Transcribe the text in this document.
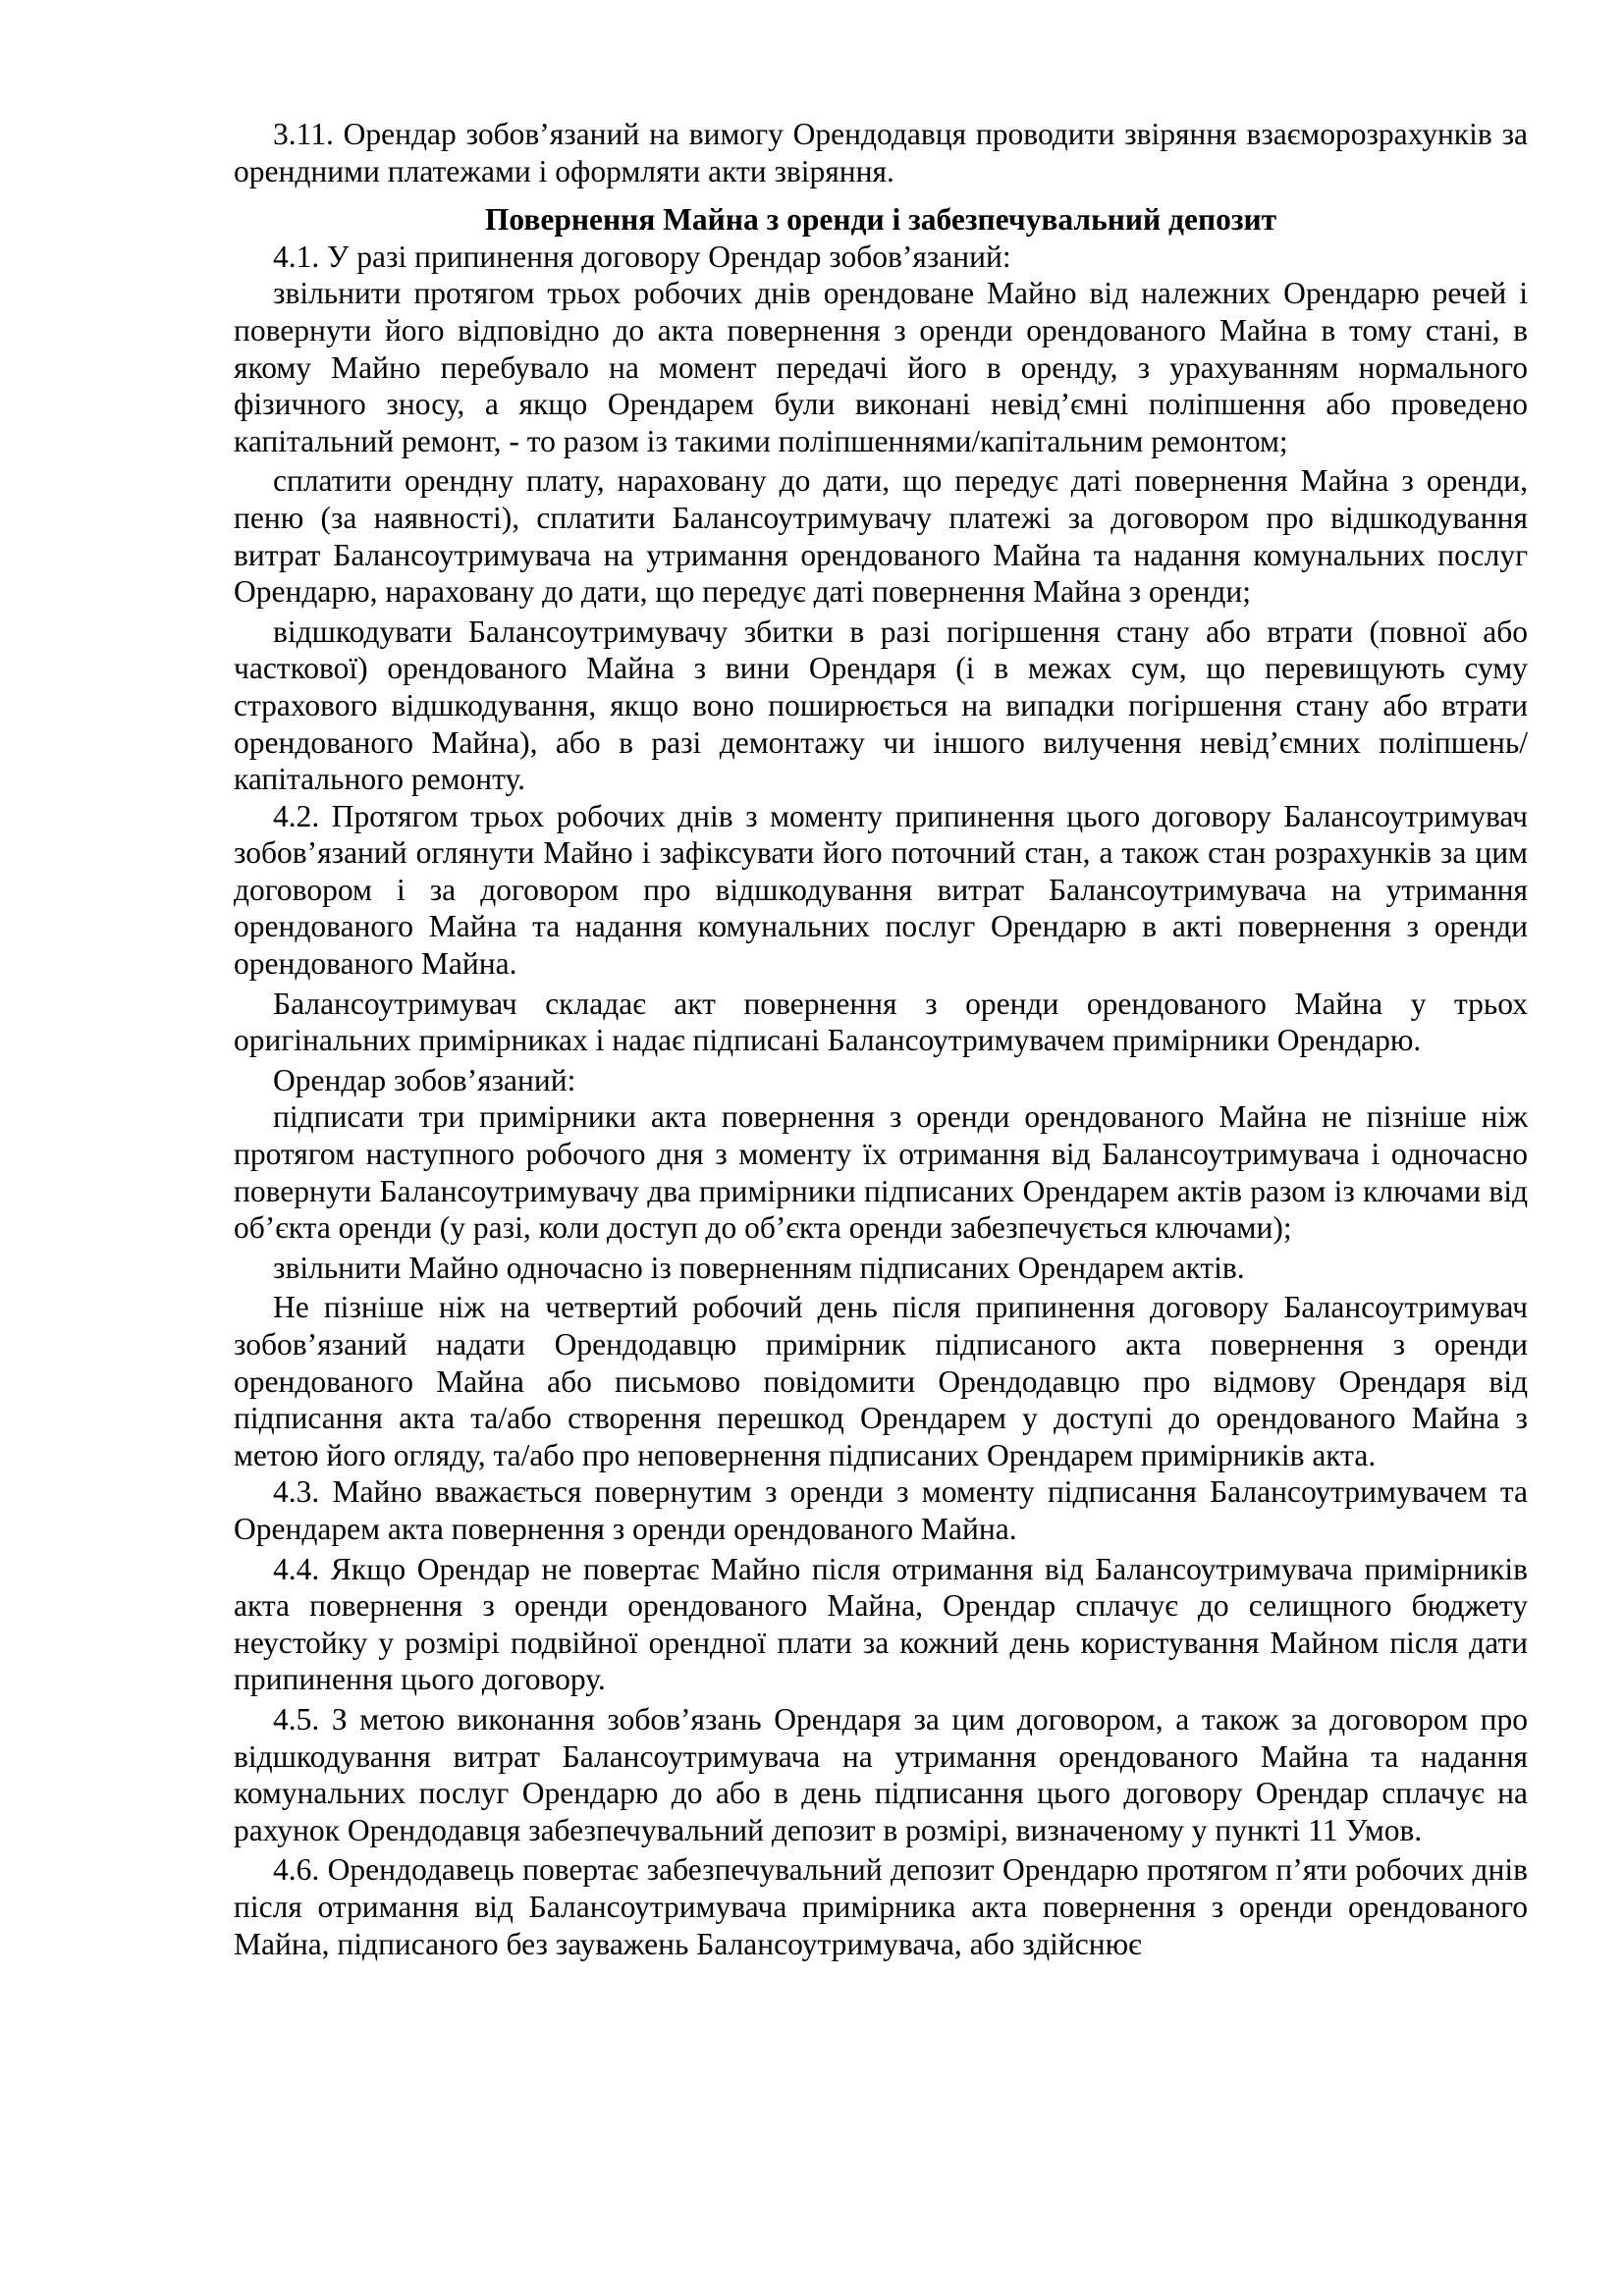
3.11. Орендар зобов’язаний на вимогу Орендодавця проводити звіряння взаєморозрахунків за орендними платежами і оформляти акти звіряння.

Повернення Майна з оренди і забезпечувальний депозит

4.1. У разі припинення договору Орендар зобов’язаний:

звільнити протягом трьох робочих днів орендоване Майно від належних Орендарю речей і повернути його відповідно до акта повернення з оренди орендованого Майна в тому стані, в якому Майно перебувало на момент передачі його в оренду, з урахуванням нормального фізичного зносу, а якщо Орендарем були виконані невід’ємні поліпшення або проведено капітальний ремонт, - то разом із такими поліпшеннями/капітальним ремонтом;

сплатити орендну плату, нараховану до дати, що передує даті повернення Майна з оренди, пеню (за наявності), сплатити Балансоутримувачу платежі за договором про відшкодування витрат Балансоутримувача на утримання орендованого Майна та надання комунальних послуг Орендарю, нараховану до дати, що передує даті повернення Майна з оренди;

відшкодувати Балансоутримувачу збитки в разі погіршення стану або втрати (повної або часткової) орендованого Майна з вини Орендаря (і в межах сум, що перевищують суму страхового відшкодування, якщо воно поширюється на випадки погіршення стану або втрати орендованого Майна), або в разі демонтажу чи іншого вилучення невід’ємних поліпшень/капітального ремонту.

4.2. Протягом трьох робочих днів з моменту припинення цього договору Балансоутримувач зобов’язаний оглянути Майно і зафіксувати його поточний стан, а також стан розрахунків за цим договором і за договором про відшкодування витрат Балансоутримувача на утримання орендованого Майна та надання комунальних послуг Орендарю в акті повернення з оренди орендованого Майна.

Балансоутримувач складає акт повернення з оренди орендованого Майна у трьох оригінальних примірниках і надає підписані Балансоутримувачем примірники Орендарю.

Орендар зобов’язаний:

підписати три примірники акта повернення з оренди орендованого Майна не пізніше ніж протягом наступного робочого дня з моменту їх отримання від Балансоутримувача і одночасно повернути Балансоутримувачу два примірники підписаних Орендарем актів разом із ключами від об’єкта оренди (у разі, коли доступ до об’єкта оренди забезпечується ключами);

звільнити Майно одночасно із поверненням підписаних Орендарем актів.

Не пізніше ніж на четвертий робочий день після припинення договору Балансоутримувач зобов’язаний надати Орендодавцю примірник підписаного акта повернення з оренди орендованого Майна або письмово повідомити Орендодавцю про відмову Орендаря від підписання акта та/або створення перешкод Орендарем у доступі до орендованого Майна з метою його огляду, та/або про неповернення підписаних Орендарем примірників акта.

4.3. Майно вважається повернутим з оренди з моменту підписання Балансоутримувачем та Орендарем акта повернення з оренди орендованого Майна.

4.4. Якщо Орендар не повертає Майно після отримання від Балансоутримувача примірників акта повернення з оренди орендованого Майна, Орендар сплачує до селищного бюджету неустойку у розмірі подвійної орендної плати за кожний день користування Майном після дати припинення цього договору.

4.5. З метою виконання зобов’язань Орендаря за цим договором, а також за договором про відшкодування витрат Балансоутримувача на утримання орендованого Майна та надання комунальних послуг Орендарю до або в день підписання цього договору Орендар сплачує на рахунок Орендодавця забезпечувальний депозит в розмірі, визначеному у пункті 11 Умов.

4.6. Орендодавець повертає забезпечувальний депозит Орендарю протягом п’яти робочих днів після отримання від Балансоутримувача примірника акта повернення з оренди орендованого Майна, підписаного без зауважень Балансоутримувача, або здійснює
